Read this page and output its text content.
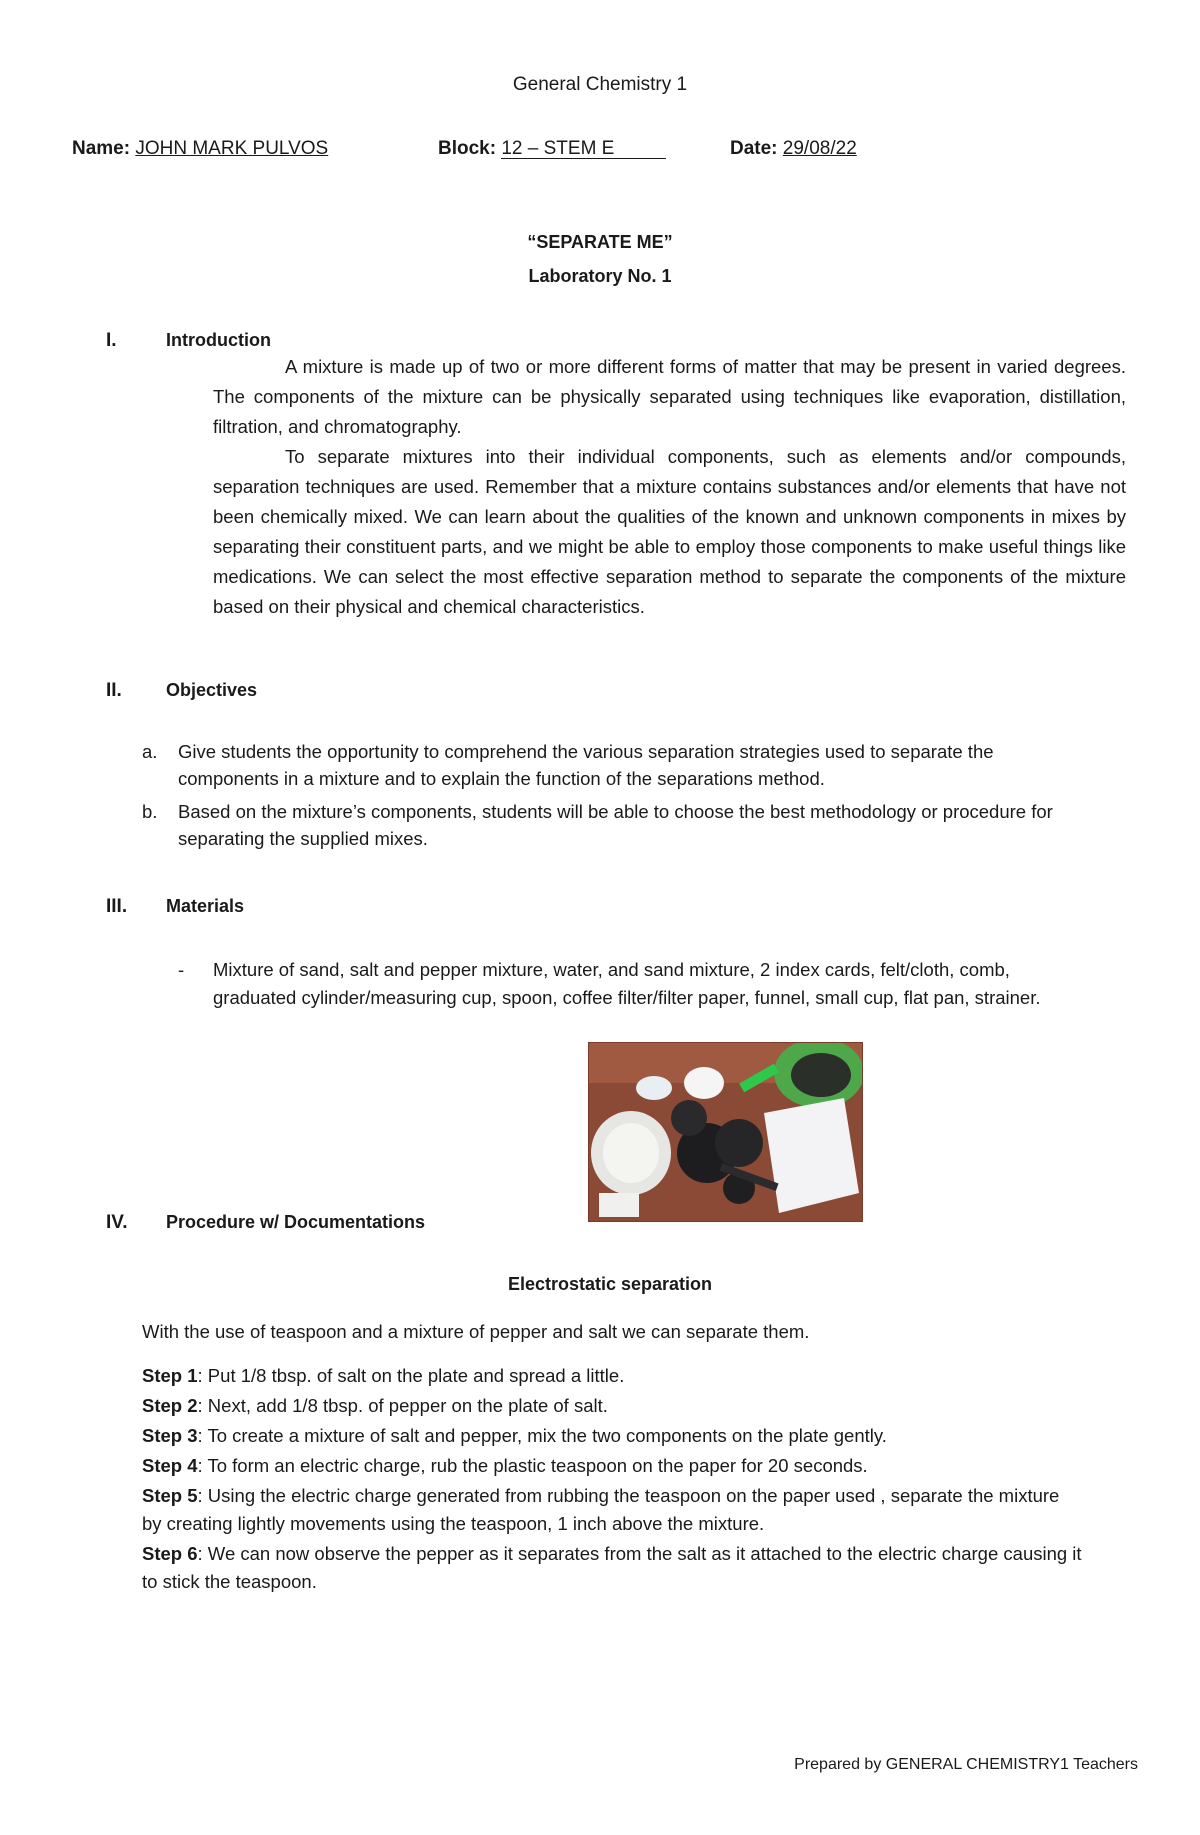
General Chemistry 1
Name: JOHN MARK PULVOS	Block: 12 – STEM E	Date: 29/08/22
“SEPARATE ME”
Laboratory No. 1
I.	Introduction

A mixture is made up of two or more different forms of matter that may be present in varied degrees. The components of the mixture can be physically separated using techniques like evaporation, distillation, filtration, and chromatography.

To separate mixtures into their individual components, such as elements and/or compounds, separation techniques are used. Remember that a mixture contains substances and/or elements that have not been chemically mixed. We can learn about the qualities of the known and unknown components in mixes by separating their constituent parts, and we might be able to employ those components to make useful things like medications. We can select the most effective separation method to separate the components of the mixture based on their physical and chemical characteristics.

II. Objectives
a. Give students the opportunity to comprehend the various separation strategies used to separate the components in a mixture and to explain the function of the separations method.
b. Based on the mixture’s components, students will be able to choose the best methodology or procedure for separating the supplied mixes.
III. Materials
- Mixture of sand, salt and pepper mixture, water, and sand mixture, 2 index cards, felt/cloth, comb, graduated cylinder/measuring cup, spoon, coffee filter/filter paper, funnel, small cup, flat pan, strainer.
IV. Procedure w/ Documentations
Electrostatic separation
With the use of teaspoon and a mixture of pepper and salt we can separate them.
Step 1: Put 1/8 tbsp. of salt on the plate and spread a little.
Step 2: Next, add 1/8 tbsp. of pepper on the plate of salt.
Step 3: To create a mixture of salt and pepper, mix the two components on the plate gently.
Step 4: To form an electric charge, rub the plastic teaspoon on the paper for 20 seconds.
Step 5: Using the electric charge generated from rubbing the teaspoon on the paper used , separate the mixture by creating lightly movements using the teaspoon, 1 inch above the mixture.
Step 6: We can now observe the pepper as it separates from the salt as it attached to the electric charge causing it to stick the teaspoon.
Prepared by GENERAL CHEMISTRY1 Teachers
